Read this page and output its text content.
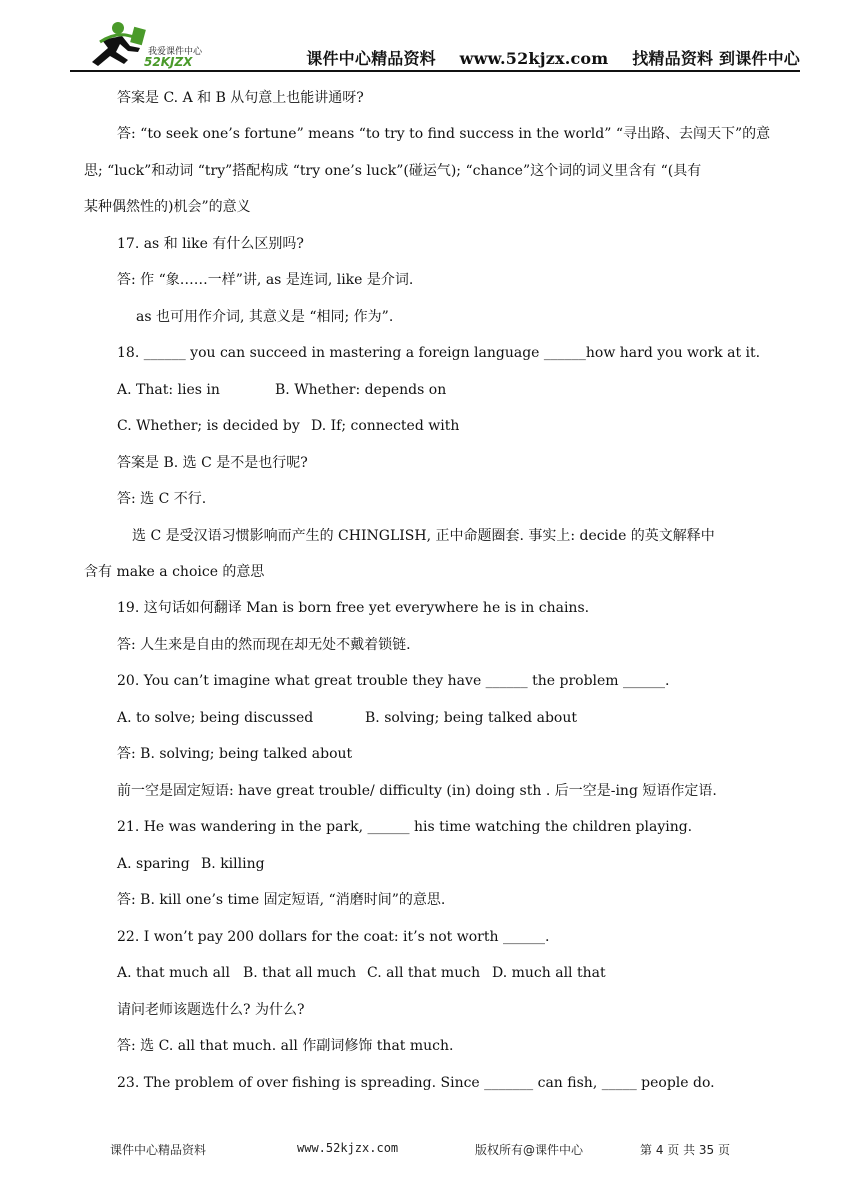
我爱课件中心
52KJZX	课件中心精品资料 www.52kjzx.com 找精品资料 到课件中心
答案是 C. A 和 B 从句意上也能讲通呀?
答: “to seek one’s fortune” means “to try to find success in the world” “寻出路、去闯天下”的意
思; “luck”和动词 “try”搭配构成 “try one’s luck”(碰运气); “chance”这个词的词义里含有 “(具有
某种偶然性的)机会”的意义
17. as 和 like 有什么区别吗?
答: 作 “象……一样”讲, as 是连词, like 是介词.
as 也可用作介词, 其意义是 “相同; 作为”.
18. ______ you can succeed in mastering a foreign language ______how hard you work at it.
A. That: lies in	B. Whether: depends on
C. Whether; is decided by D. If; connected with
答案是 B. 选 C 是不是也行呢?
答: 选 C 不行.
选 C 是受汉语习惯影响而产生的 CHINGLISH, 正中命题圈套. 事实上: decide 的英文解释中
含有 make a choice 的意思
19. 这句话如何翻译 Man is born free yet everywhere he is in chains.
答: 人生来是自由的然而现在却无处不戴着锁链.
20. You can’t imagine what great trouble they have ______ the problem ______.
A. to solve; being discussed	B. solving; being talked about
答: B. solving; being talked about
前一空是固定短语: have great trouble/ difficulty (in) doing sth . 后一空是-ing 短语作定语.
21. He was wandering in the park, ______ his time watching the children playing.
A. sparing B. killing
答: B. kill one’s time 固定短语, “消磨时间”的意思.
22. I won’t pay 200 dollars for the coat: it’s not worth ______.
A. that much all B. that all much C. all that much D. much all that
请问老师该题选什么? 为什么?
答: 选 C. all that much. all 作副词修饰 that much.
23. The problem of over fishing is spreading. Since _______ can fish, _____ people do.
课件中心精品资料	www.52kjzx.com	版权所有@课件中心	第 4 页 共 35 页
